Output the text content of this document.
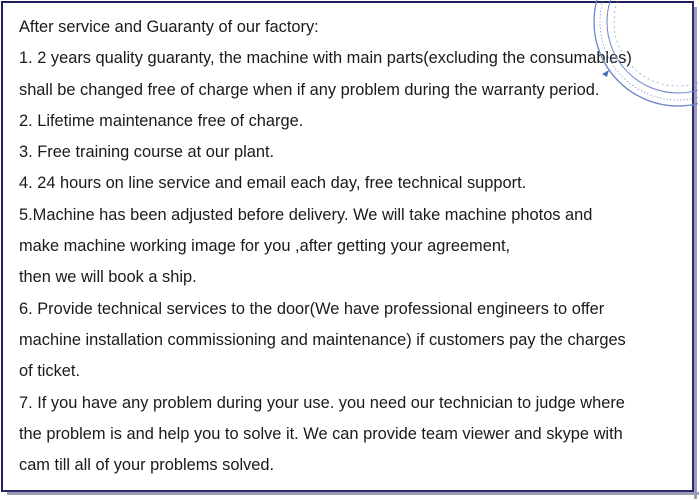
After service and Guaranty of our factory:
1. 2 years quality guaranty, the machine with main parts(excluding the consumables)
shall be changed free of charge when if any problem during the warranty period.
2. Lifetime maintenance free of charge.
3. Free training course at our plant.
4. 24 hours on line service and email each day, free technical support.
5.Machine has been adjusted before delivery. We will take machine photos and
make machine working image for you ,after getting your agreement,
then we will book a ship.
6. Provide technical services to the door(We have professional engineers to offer
machine installation commissioning and maintenance) if customers pay the charges
of ticket.
7. If you have any problem during your use. you need our technician to judge where
the problem is and help you to solve it. We can provide team viewer and skype with
cam till all of your problems solved.
